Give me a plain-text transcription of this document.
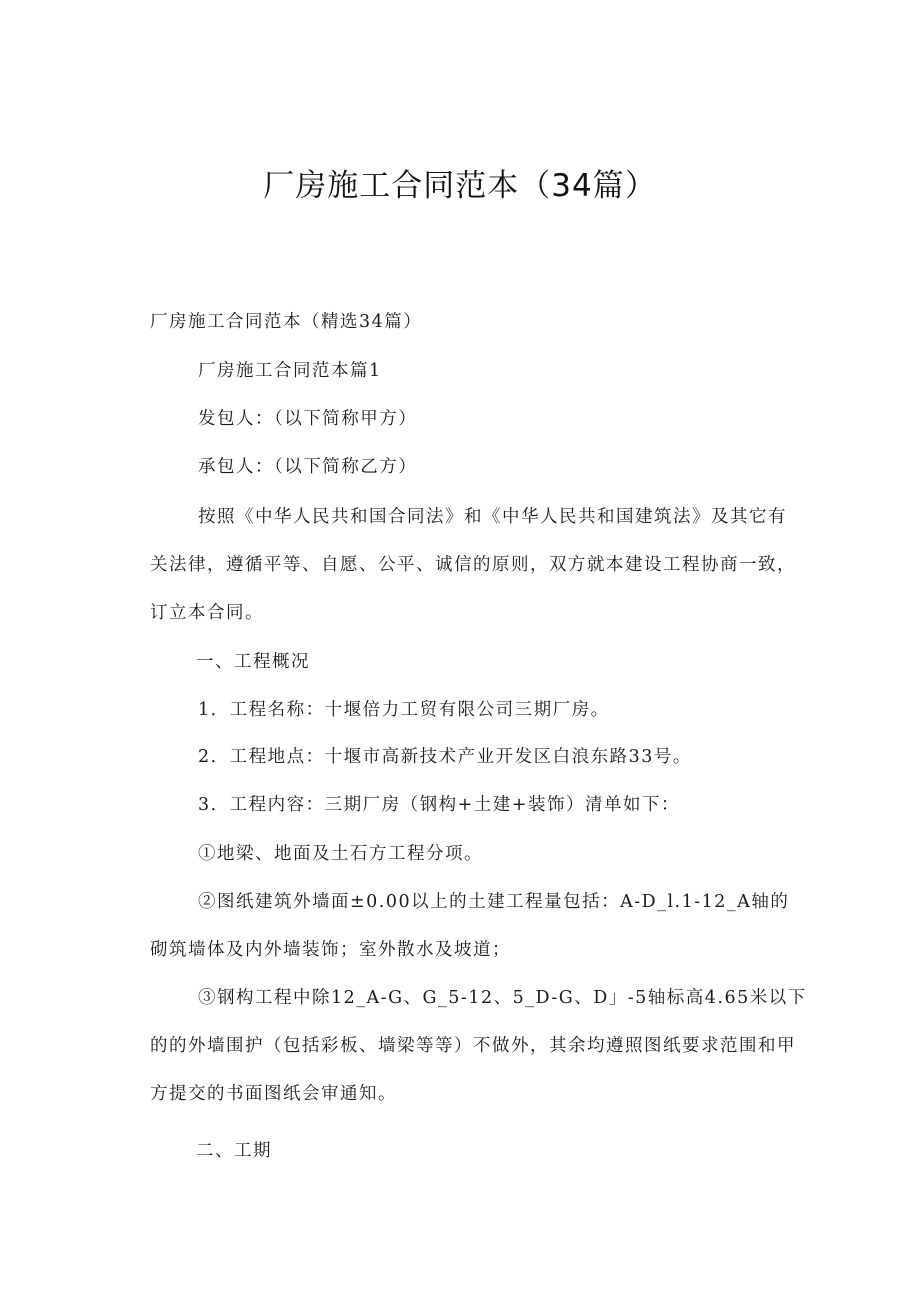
厂房施工合同范本（34篇）
厂房施工合同范本（精选34篇）
厂房施工合同范本篇1
发包人：（以下简称甲方）
承包人：（以下简称乙方）
按照《中华人民共和国合同法》和《中华人民共和国建筑法》及其它有
关法律，遵循平等、自愿、公平、诚信的原则，双方就本建设工程协商一致，
订立本合同。
一、工程概况
1．工程名称：十堰倍力工贸有限公司三期厂房。
2．工程地点：十堰市高新技术产业开发区白浪东路33号。
3．工程内容：三期厂房（钢构+土建+装饰）清单如下：
①地梁、地面及土石方工程分项。
②图纸建筑外墙面±0.00以上的土建工程量包括：A-D_l.1-12_A轴的
砌筑墙体及内外墙装饰；室外散水及坡道；
③钢构工程中除12_A-G、G_5-12、5_D-G、D」-5轴标高4.65米以下
的的外墙围护（包括彩板、墙梁等等）不做外，其余均遵照图纸要求范围和甲
方提交的书面图纸会审通知。
二、工期
